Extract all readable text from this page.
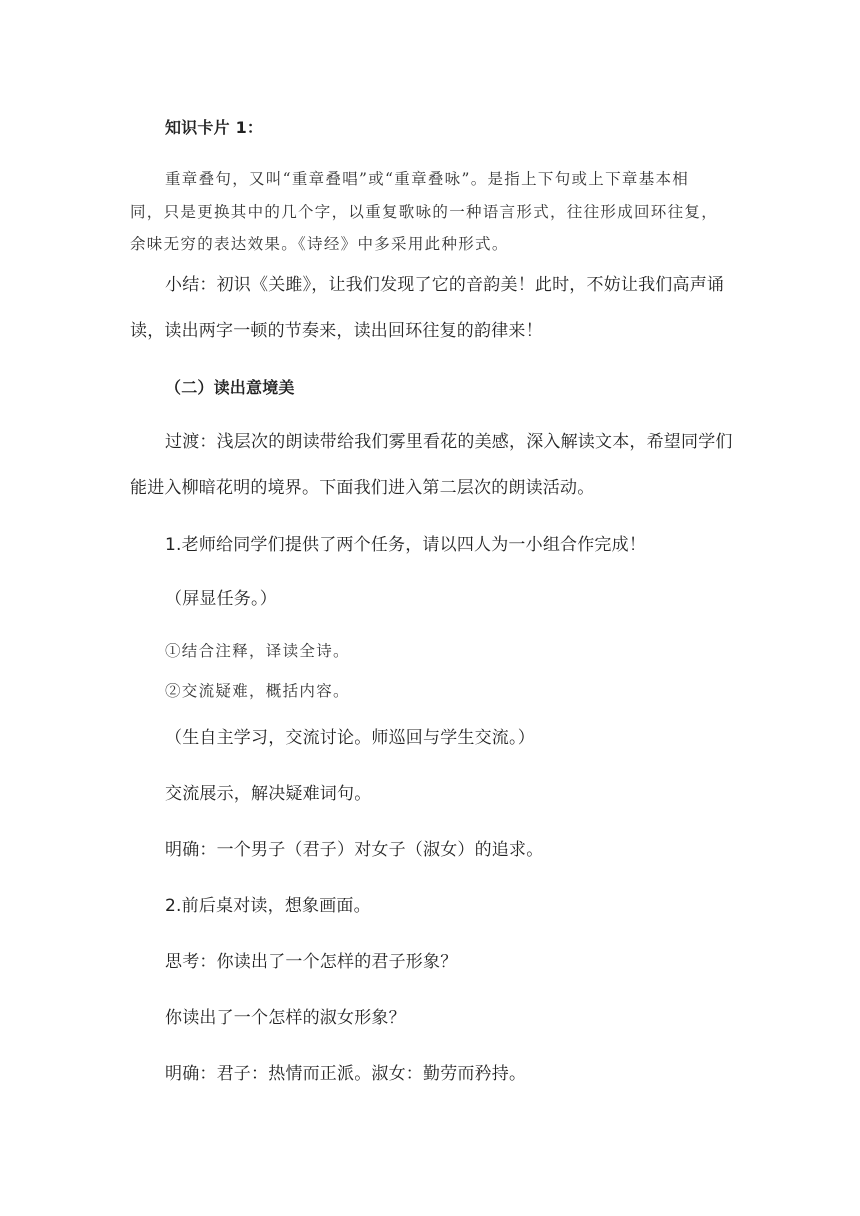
知识卡片 1：
重章叠句，又叫“重章叠唱”或“重章叠咏”。是指上下句或上下章基本相
同，只是更换其中的几个字，以重复歌咏的一种语言形式，往往形成回环往复，
余味无穷的表达效果。《诗经》中多采用此种形式。
小结：初识《关雎》，让我们发现了它的音韵美！此时，不妨让我们高声诵
读，读出两字一顿的节奏来，读出回环往复的韵律来！
（二）读出意境美
过渡：浅层次的朗读带给我们雾里看花的美感，深入解读文本，希望同学们
能进入柳暗花明的境界。下面我们进入第二层次的朗读活动。
1.老师给同学们提供了两个任务，请以四人为一小组合作完成！
（屏显任务。）
①结合注释，译读全诗。
②交流疑难，概括内容。
（生自主学习，交流讨论。师巡回与学生交流。）
交流展示，解决疑难词句。
明确：一个男子（君子）对女子（淑女）的追求。
2.前后桌对读，想象画面。
思考：你读出了一个怎样的君子形象？
你读出了一个怎样的淑女形象？
明确：君子：热情而正派。淑女：勤劳而矜持。
